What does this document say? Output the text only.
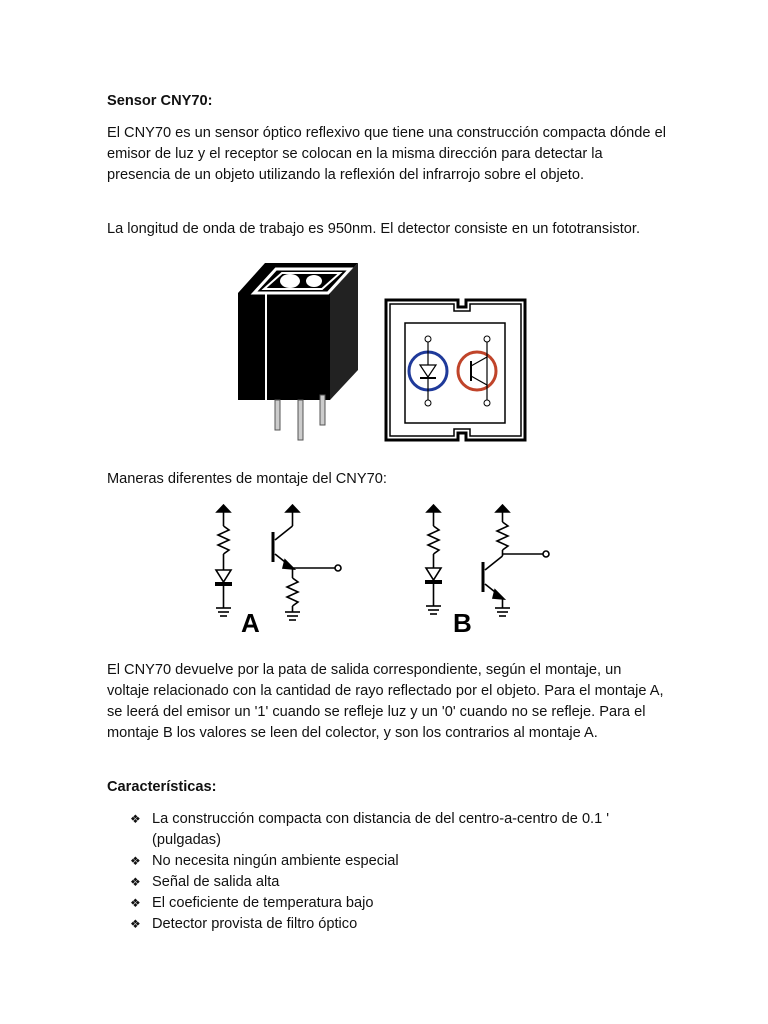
Sensor CNY70:

El CNY70 es un sensor óptico reflexivo que tiene una construcción compacta dónde el emisor de luz y el receptor se colocan en la misma dirección para detectar la presencia de un objeto utilizando la reflexión del infrarrojo sobre el objeto.

La longitud de onda de trabajo es 950nm. El detector consiste en un fototransistor.

Maneras diferentes de montaje del CNY70:

A	B

El CNY70 devuelve por la pata de salida correspondiente, según el montaje, un voltaje relacionado con la cantidad de rayo reflectado por el objeto. Para el montaje A, se leerá del emisor un '1' cuando se refleje luz y un '0' cuando no se refleje. Para el montaje B los valores se leen del colector, y son los contrarios al montaje A.

Características:

❖ La construcción compacta con distancia de del centro-a-centro de 0.1 ' (pulgadas)
❖ No necesita ningún ambiente especial
❖ Señal de salida alta
❖ El coeficiente de temperatura bajo
❖ Detector provista de filtro óptico
